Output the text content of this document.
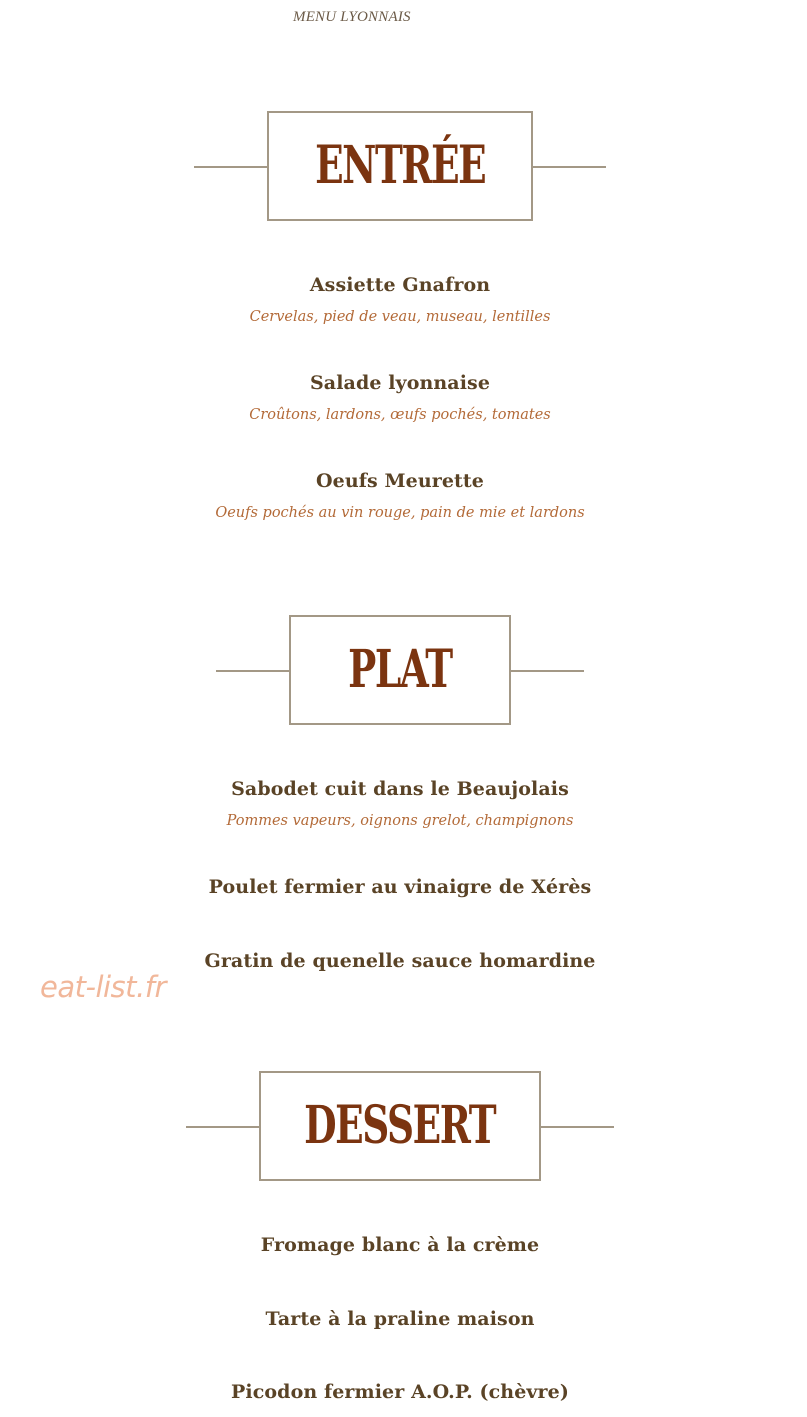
MENU LYONNAIS
ENTRÉE
Assiette Gnafron
Cervelas, pied de veau, museau, lentilles
Salade lyonnaise
Croûtons, lardons, œufs pochés, tomates
Oeufs Meurette
Oeufs pochés au vin rouge, pain de mie et lardons
PLAT
Sabodet cuit dans le Beaujolais
Pommes vapeurs, oignons grelot, champignons
Poulet fermier au vinaigre de Xérès
Gratin de quenelle sauce homardine
eat-list.fr
DESSERT
Fromage blanc à la crème
Tarte à la praline maison
Picodon fermier A.O.P. (chèvre)
